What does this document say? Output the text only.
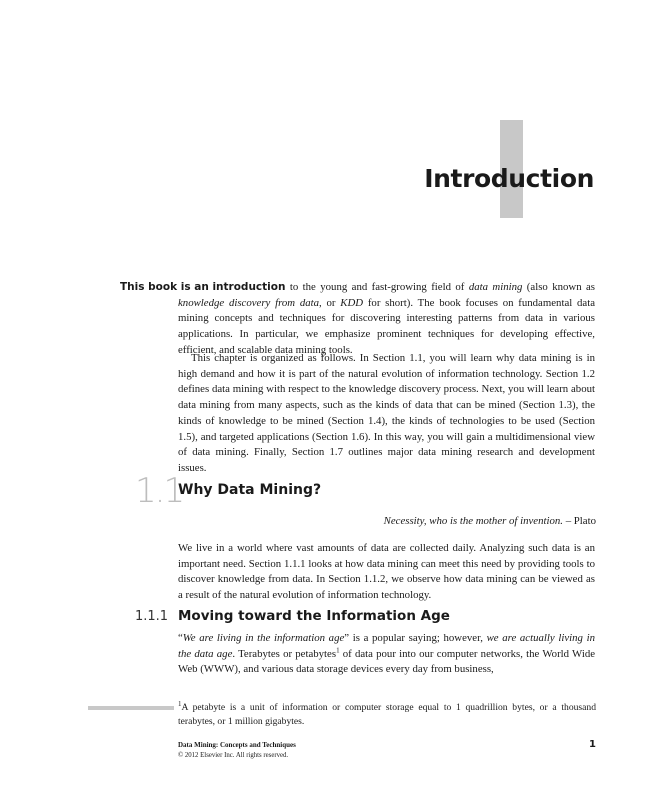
Introduction
This book is an introduction to the young and fast-growing field of data mining (also known as knowledge discovery from data, or KDD for short). The book focuses on fundamental data mining concepts and techniques for discovering interesting patterns from data in various applications. In particular, we emphasize prominent techniques for developing effective, efficient, and scalable data mining tools.
This chapter is organized as follows. In Section 1.1, you will learn why data mining is in high demand and how it is part of the natural evolution of information technology. Section 1.2 defines data mining with respect to the knowledge discovery process. Next, you will learn about data mining from many aspects, such as the kinds of data that can be mined (Section 1.3), the kinds of knowledge to be mined (Section 1.4), the kinds of technologies to be used (Section 1.5), and targeted applications (Section 1.6). In this way, you will gain a multidimensional view of data mining. Finally, Section 1.7 outlines major data mining research and development issues.
1.1
Why Data Mining?
Necessity, who is the mother of invention. – Plato
We live in a world where vast amounts of data are collected daily. Analyzing such data is an important need. Section 1.1.1 looks at how data mining can meet this need by providing tools to discover knowledge from data. In Section 1.1.2, we observe how data mining can be viewed as a result of the natural evolution of information technology.
1.1.1 Moving toward the Information Age
“We are living in the information age” is a popular saying; however, we are actually living in the data age. Terabytes or petabytes$^1$ of data pour into our computer networks, the World Wide Web (WWW), and various data storage devices every day from business,
$^1$A petabyte is a unit of information or computer storage equal to 1 quadrillion bytes, or a thousand terabytes, or 1 million gigabytes.
Data Mining: Concepts and Techniques
© 2012 Elsevier Inc. All rights reserved.
1
